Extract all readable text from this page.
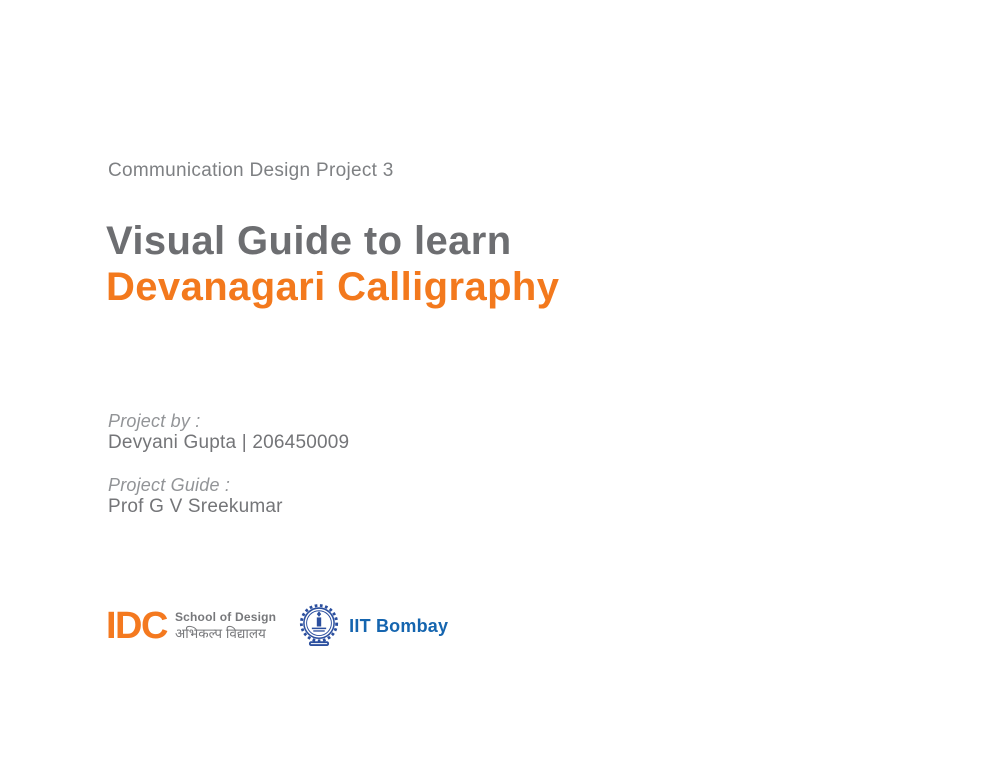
Communication Design Project 3
Visual Guide to learn
Devanagari Calligraphy
Project by :
Devyani Gupta | 206450009
Project Guide :
Prof G V Sreekumar
IDC School of Design
अभिकल्प विद्यालय	IIT Bombay
